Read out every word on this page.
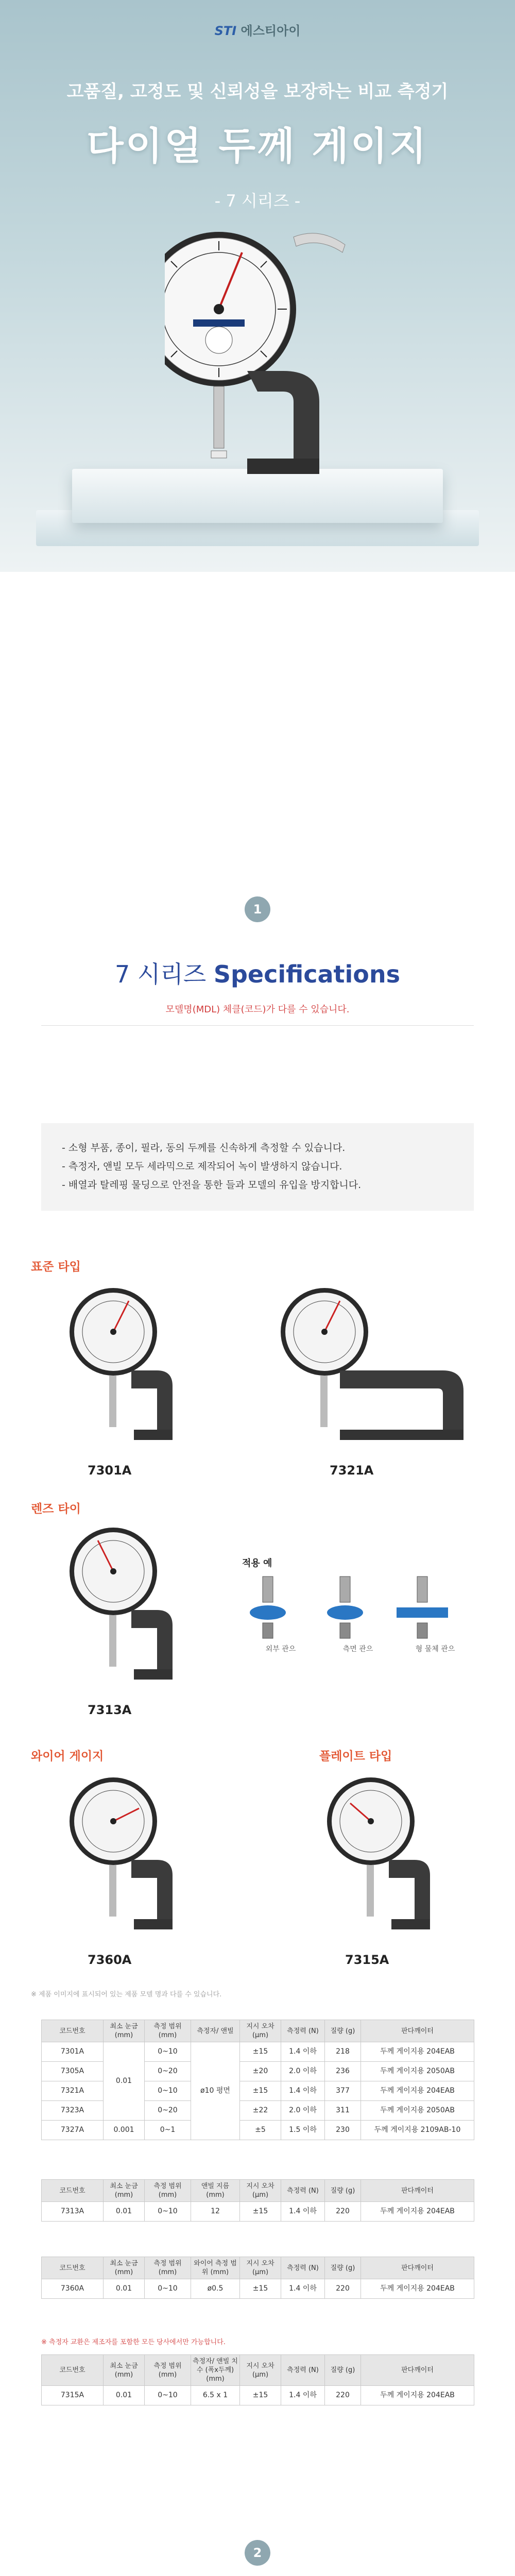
STI 에스티아이
고품질, 고정도 및 신뢰성을 보장하는 비교 측정기
다이얼 두께 게이지
- 7 시리즈 -
1
7 시리즈 Specifications
모델명(MDL) 체클(코드)가 다를 수 있습니다.

- 소형 부품, 종이, 필라, 동의 두께를 신속하게 측정할 수 있습니다.

- 측정자, 앤빌 모두 세라믹으로 제작되어 녹이 발생하지 않습니다.

- 배열과 탈레핑 물딩으로 안전을 통한 들과 모델의 유입을 방지합니다.

표준 타입
7301A	7321A
렌즈 타이
7313A
적용 예
외부 관으	측면 관으	형 물체 관으
와이어 게이지	플레이트 타입
7360A	7315A
※ 제품 이미지에 표시되어 있는 제품 모델 명과 다를 수 있습니다.
코드번호	최소 눈금 (mm)	측정 범위 (mm)	측정자/ 앤빌	지시 오차 (μm)	측정력 (N)	질량 (g)	판다깨이터
7301A	0.01	0~10	ø10 평면	±15	1.4 이하	218	두께 게이지용 204EAB
7305A		0~20		±20	2.0 이하	236	두께 게이지용 2050AB
7321A		0~10		±15	1.4 이하	377	두께 게이지용 204EAB
7323A		0~20		±22	2.0 이하	311	두께 게이지용 2050AB
7327A	0.001	0~1		±5	1.5 이하	230	두께 게이지용 2109AB-10
코드번호	최소 눈금 (mm)	측정 범위 (mm)	앤빌 지름 (mm)	지시 오차 (μm)	측정력 (N)	질량 (g)	판다깨이터
7313A	0.01	0~10	12	±15	1.4 이하	220	두께 게이지용 204EAB
코드번호	최소 눈금 (mm)	측정 범위 (mm)	와이어 측정 범위 (mm)	지시 오차 (μm)	측정력 (N)	질량 (g)	판다깨이터
7360A	0.01	0~10	ø0.5	±15	1.4 이하	220	두께 게이지용 204EAB
※ 측정자 교환은 제조자를 포함한 모든 당사에서만 가능합니다.
코드번호	최소 눈금 (mm)	측정 범위 (mm)	측정자/ 앤빌 치수 (폭x두께) (mm)	지시 오차 (μm)	측정력 (N)	질량 (g)	판다깨이터
7315A	0.01	0~10	6.5 x 1	±15	1.4 이하	220	두께 게이지용 204EAB
2
